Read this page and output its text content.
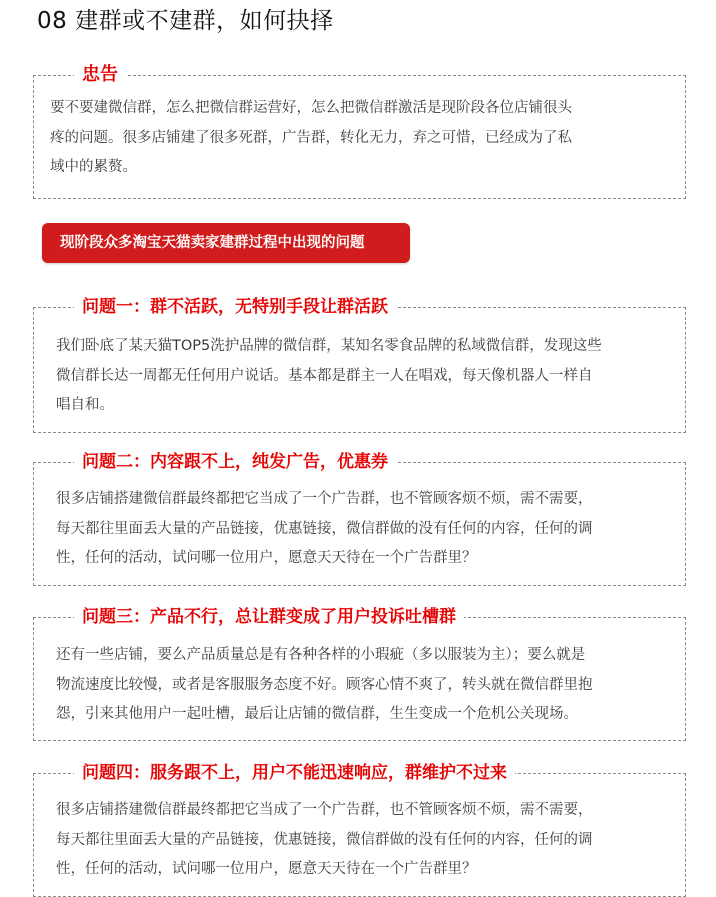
08 建群或不建群，如何抉择
忠告

要不要建微信群，怎么把微信群运营好，怎么把微信群激活是现阶段各位店铺很头
疼的问题。很多店铺建了很多死群，广告群，转化无力，弃之可惜，已经成为了私
域中的累赘。

现阶段众多淘宝天猫卖家建群过程中出现的问题
问题一：群不活跃，无特别手段让群活跃

我们卧底了某天猫TOP5洗护品牌的微信群，某知名零食品牌的私域微信群，发现这些
微信群长达一周都无任何用户说话。基本都是群主一人在唱戏，每天像机器人一样自
唱自和。

问题二：内容跟不上，纯发广告，优惠券

很多店铺搭建微信群最终都把它当成了一个广告群，也不管顾客烦不烦，需不需要，
每天都往里面丢大量的产品链接，优惠链接，微信群做的没有任何的内容，任何的调
性，任何的活动，试问哪一位用户，愿意天天待在一个广告群里？

问题三：产品不行，总让群变成了用户投诉吐槽群

还有一些店铺，要么产品质量总是有各种各样的小瑕疵（多以服装为主）；要么就是
物流速度比较慢，或者是客服服务态度不好。顾客心情不爽了，转头就在微信群里抱
怨，引来其他用户一起吐槽，最后让店铺的微信群，生生变成一个危机公关现场。

问题四：服务跟不上，用户不能迅速响应，群维护不过来

很多店铺搭建微信群最终都把它当成了一个广告群，也不管顾客烦不烦，需不需要，
每天都往里面丢大量的产品链接，优惠链接，微信群做的没有任何的内容，任何的调
性，任何的活动，试问哪一位用户，愿意天天待在一个广告群里？
